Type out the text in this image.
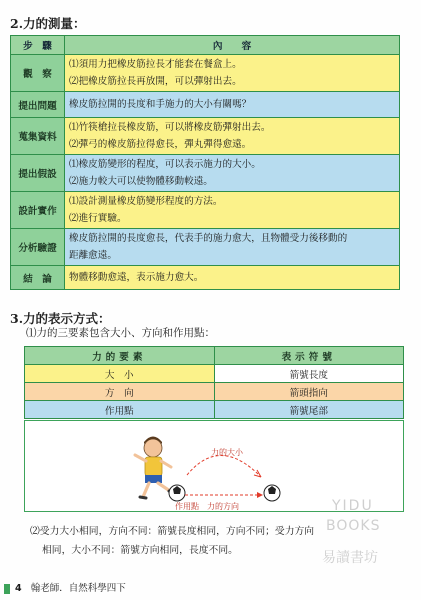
2.力的測量：
步　驟	內　　容
觀　察	⑴須用力把橡皮筋拉長才能套在餐盒上。
⑵把橡皮筋拉長再放開，可以彈射出去。

提出問題	橡皮筋拉開的長度和手施力的大小有關嗎？

蒐集資料	⑴竹筷槍拉長橡皮筋，可以將橡皮筋彈射出去。
⑵彈弓的橡皮筋拉得愈長，彈丸彈得愈遠。

提出假設	⑴橡皮筋變形的程度，可以表示施力的大小。
⑵施力較大可以使物體移動較遠。

設計實作	⑴設計測量橡皮筋變形程度的方法。
⑵進行實驗。

分析驗證	橡皮筋拉開的長度愈長，代表手的施力愈大，且物體受力後移動的
距離愈遠。

結　論	物體移動愈遠，表示施力愈大。
3.力的表示方式：
⑴力的三要素包含大小、方向和作用點：
力的要素	表示符號
大　小	箭號長度
方　向	箭頭指向
作用點	箭號尾部
力的大小
作用點 力的方向
⑵受力大小相同，方向不同：箭號長度相同，方向不同；受力方向
相同，大小不同：箭號方向相同，長度不同。
YIDU
BOOKS
易讀書坊
4 翰老師．自然科學四下
